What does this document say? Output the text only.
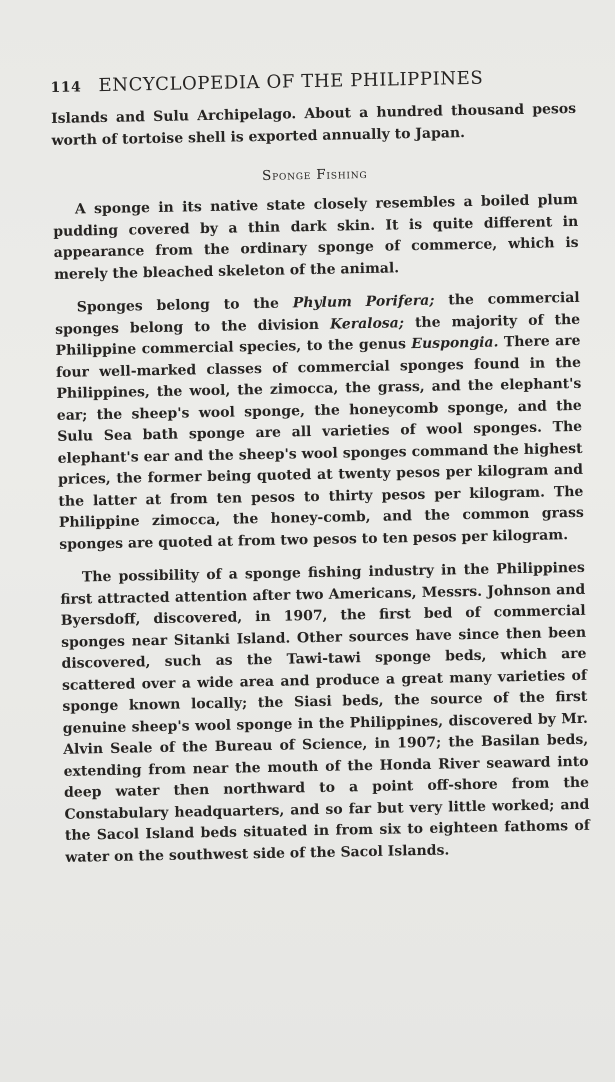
114 ENCYCLOPEDIA OF THE PHILIPPINES

Islands and Sulu Archipelago. About a hundred thousand pesos worth of tortoise shell is exported annually to Japan.

Sponge Fishing

A sponge in its native state closely resembles a boiled plum pudding covered by a thin dark skin. It is quite different in appearance from the ordinary sponge of commerce, which is merely the bleached skeleton of the animal.

Sponges belong to the Phylum Porifera; the commercial sponges belong to the division Keralosa; the majority of the Philippine commercial species, to the genus Euspongia. There are four well-marked classes of commercial sponges found in the Philippines, the wool, the zimocca, the grass, and the elephant's ear; the sheep's wool sponge, the honeycomb sponge, and the Sulu Sea bath sponge are all varieties of wool sponges. The elephant's ear and the sheep's wool sponges command the highest prices, the former being quoted at twenty pesos per kilogram and the latter at from ten pesos to thirty pesos per kilogram. The Philippine zimocca, the honey-comb, and the common grass sponges are quoted at from two pesos to ten pesos per kilogram.

The possibility of a sponge fishing industry in the Philippines first attracted attention after two Americans, Messrs. Johnson and Byersdoff, discovered, in 1907, the first bed of commercial sponges near Sitanki Island. Other sources have since then been discovered, such as the Tawi-tawi sponge beds, which are scattered over a wide area and produce a great many varieties of sponge known locally; the Siasi beds, the source of the first genuine sheep's wool sponge in the Philippines, discovered by Mr. Alvin Seale of the Bureau of Science, in 1907; the Basilan beds, extending from near the mouth of the Honda River seaward into deep water then northward to a point off-shore from the Constabulary headquarters, and so far but very little worked; and the Sacol Island beds situated in from six to eighteen fathoms of water on the southwest side of the Sacol Islands.
